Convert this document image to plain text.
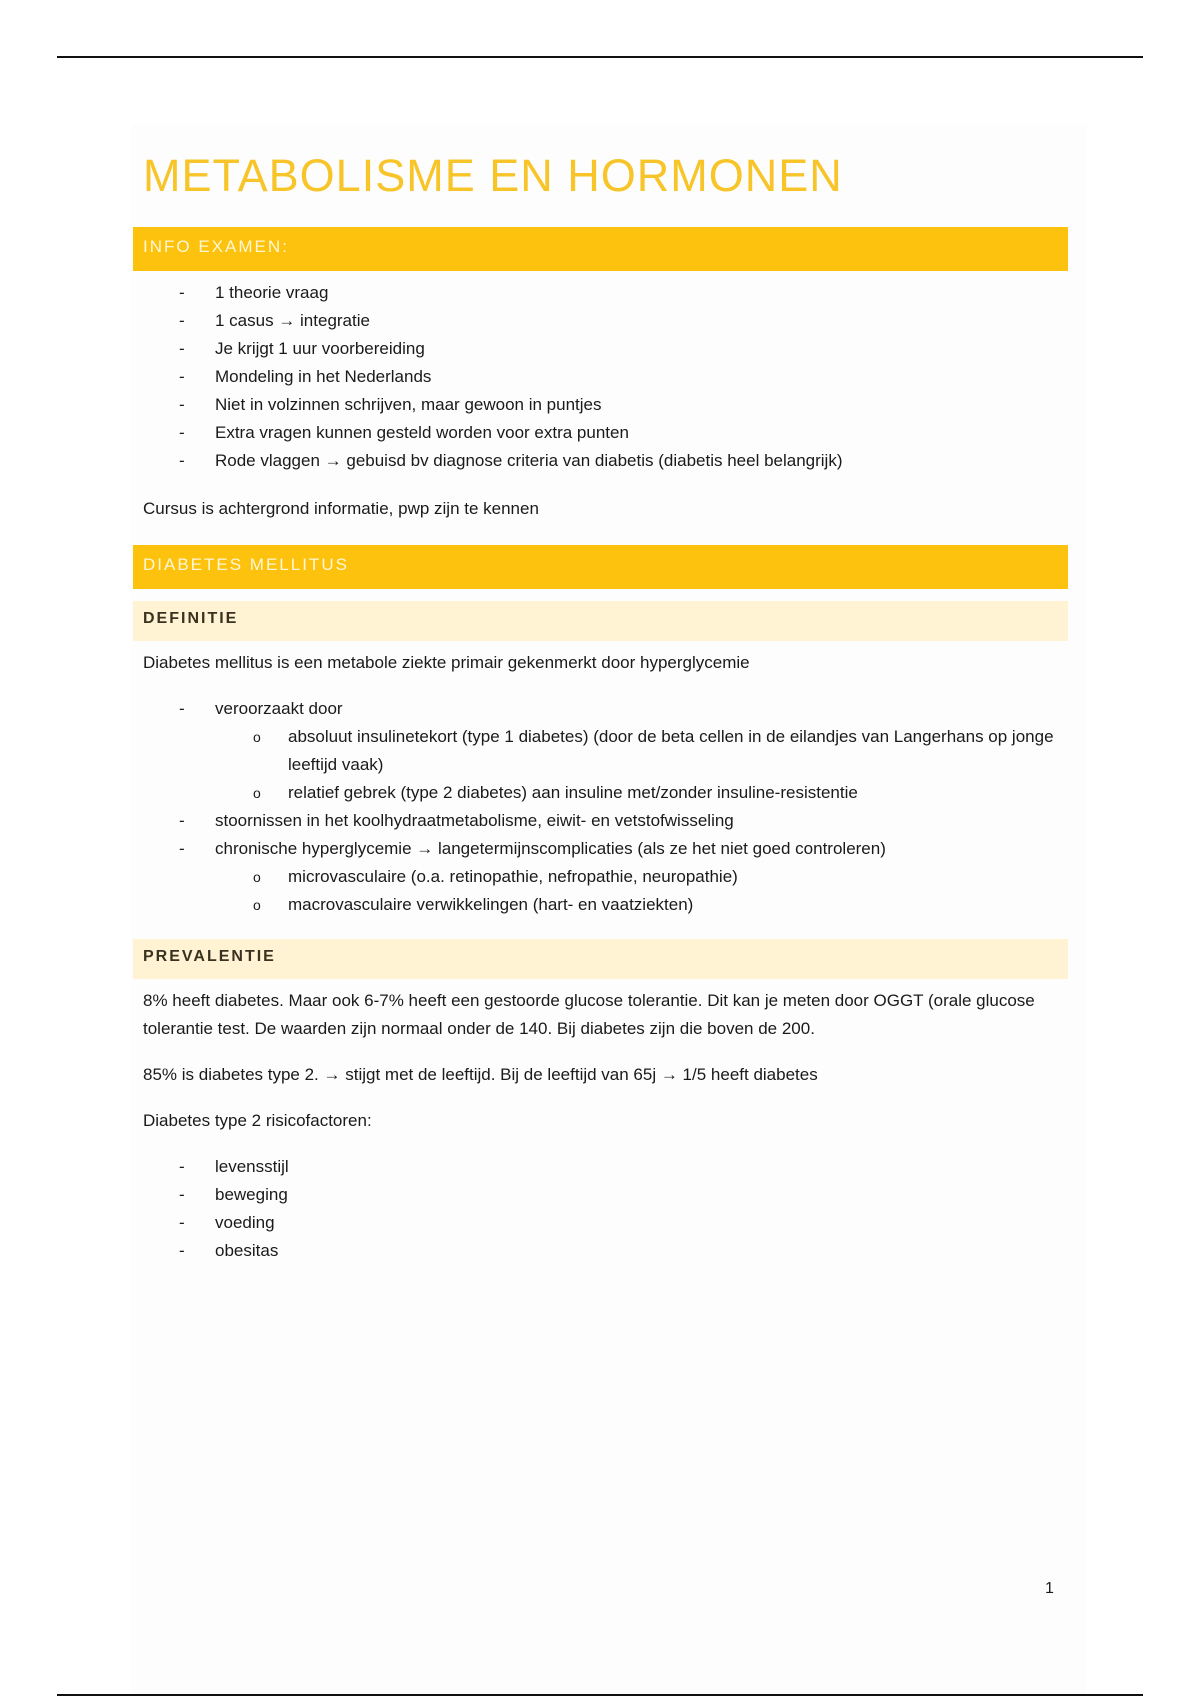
METABOLISME EN HORMONEN
INFO EXAMEN:
- 1 theorie vraag
- 1 casus → integratie
- Je krijgt 1 uur voorbereiding
- Mondeling in het Nederlands
- Niet in volzinnen schrijven, maar gewoon in puntjes
- Extra vragen kunnen gesteld worden voor extra punten
- Rode vlaggen → gebuisd bv diagnose criteria van diabetis (diabetis heel belangrijk)

Cursus is achtergrond informatie, pwp zijn te kennen

DIABETES MELLITUS
DEFINITIE

Diabetes mellitus is een metabole ziekte primair gekenmerkt door hyperglycemie

- veroorzaakt door
o absoluut insulinetekort (type 1 diabetes) (door de beta cellen in de eilandjes van Langerhans op jonge leeftijd vaak)
o relatief gebrek (type 2 diabetes) aan insuline met/zonder insuline-resistentie
- stoornissen in het koolhydraatmetabolisme, eiwit- en vetstofwisseling
- chronische hyperglycemie → langetermijnscomplicaties (als ze het niet goed controleren)
o microvasculaire (o.a. retinopathie, nefropathie, neuropathie)
o macrovasculaire verwikkelingen (hart- en vaatziekten)
PREVALENTIE

8% heeft diabetes. Maar ook 6-7% heeft een gestoorde glucose tolerantie. Dit kan je meten door OGGT (orale glucose tolerantie test. De waarden zijn normaal onder de 140. Bij diabetes zijn die boven de 200.

85% is diabetes type 2. → stijgt met de leeftijd. Bij de leeftijd van 65j → 1/5 heeft diabetes

Diabetes type 2 risicofactoren:

- levensstijl
- beweging
- voeding
- obesitas
1
